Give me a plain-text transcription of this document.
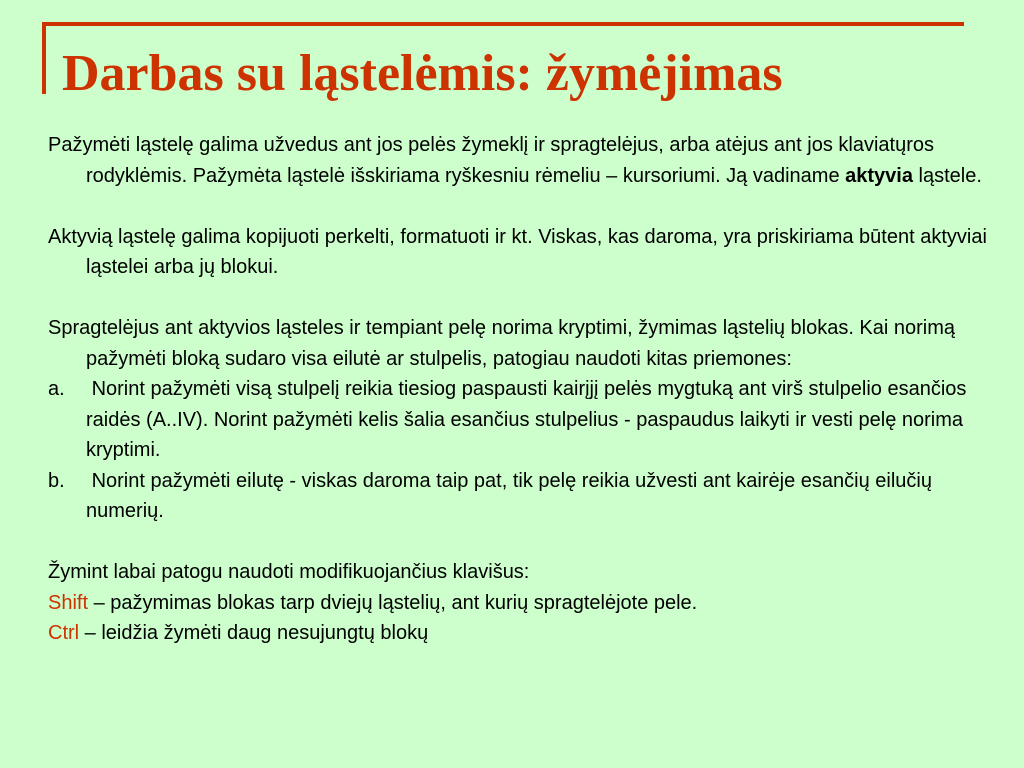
Darbas su ląstelėmis: žymėjimas

Pažymėti ląstelę galima užvedus ant jos pelės žymeklį ir spragtelėjus, arba atėjus ant jos klaviatųros rodyklėmis. Pažymėta ląstelė išskiriama ryškesniu rėmeliu – kursoriumi. Ją vadiname aktyvia ląstele.

Aktyvią ląstelę galima kopijuoti perkelti, formatuoti ir kt. Viskas, kas daroma, yra priskiriama būtent aktyviai ląstelei arba jų blokui.

Spragtelėjus ant aktyvios ląsteles ir tempiant pelę norima kryptimi, žymimas ląstelių blokas. Kai norimą pažymėti bloką sudaro visa eilutė ar stulpelis, patogiau naudoti kitas priemones:

a. Norint pažymėti visą stulpelį reikia tiesiog paspausti kairįjį pelės mygtuką ant virš stulpelio esančios raidės (A..IV). Norint pažymėti kelis šalia esančius stulpelius - paspaudus laikyti ir vesti pelę norima kryptimi.

b. Norint pažymėti eilutę - viskas daroma taip pat, tik pelę reikia užvesti ant kairėje esančių eilučių numerių.

Žymint labai patogu naudoti modifikuojančius klavišus:

Shift – pažymimas blokas tarp dviejų ląstelių, ant kurių spragtelėjote pele.

Ctrl – leidžia žymėti daug nesujungtų blokų
